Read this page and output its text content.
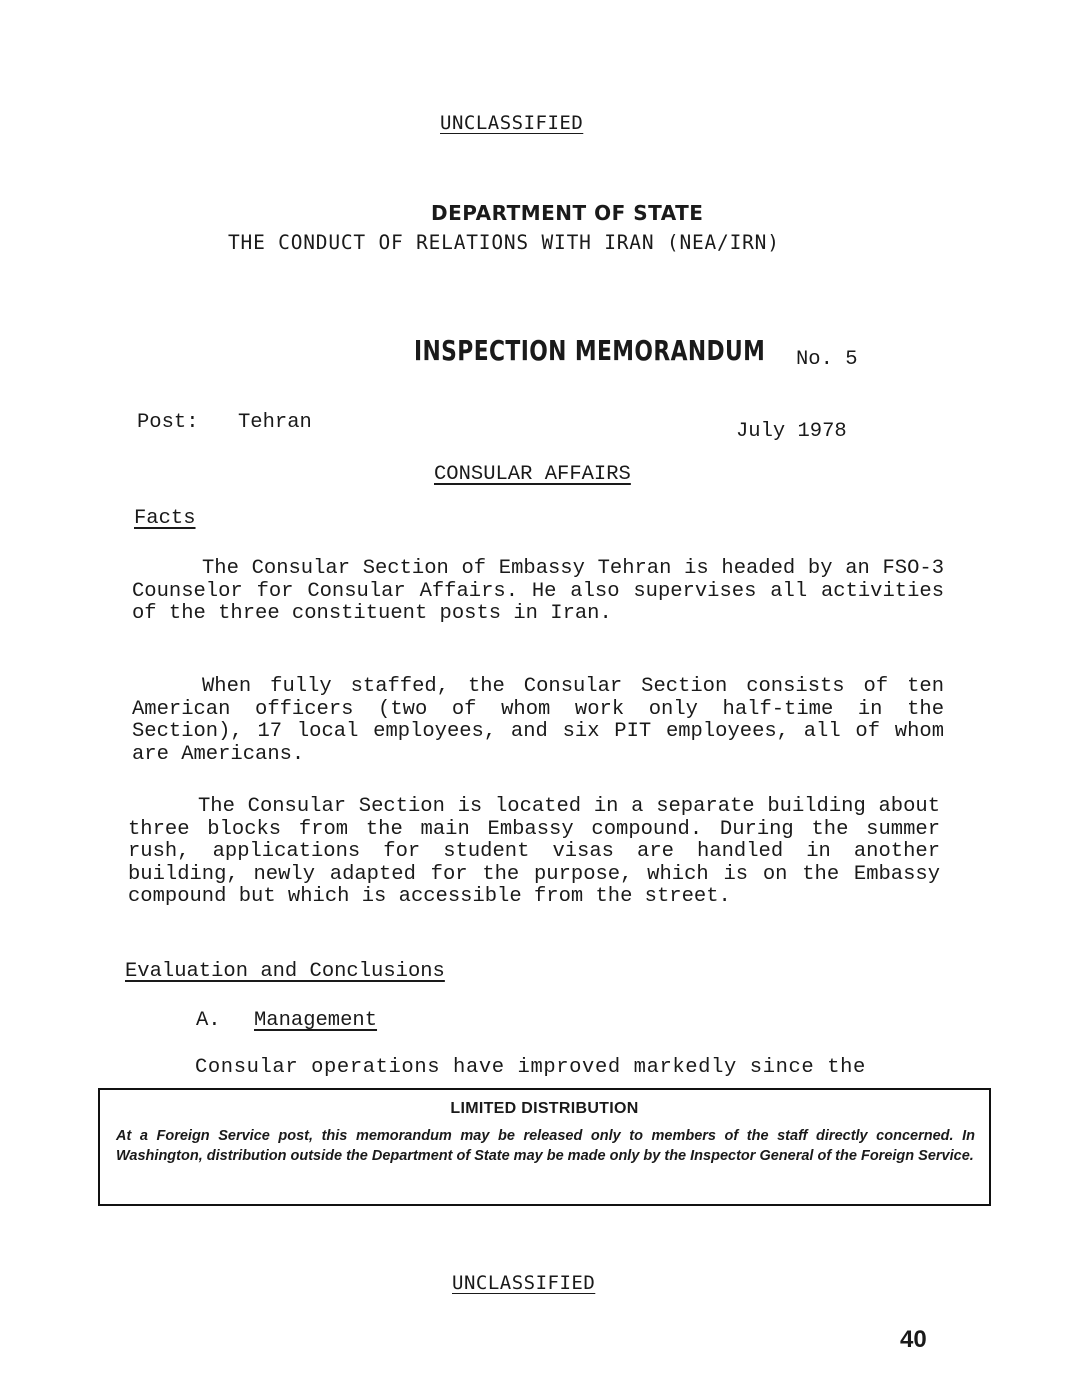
UNCLASSIFIED
DEPARTMENT OF STATE
THE CONDUCT OF RELATIONS WITH IRAN (NEA/IRN)
INSPECTION MEMORANDUM No. 5
Post: Tehran	July 1978
CONSULAR AFFAIRS
Facts

The Consular Section of Embassy Tehran is headed by an FSO-3 Counselor for Consular Affairs. He also supervises all activities of the three constituent posts in Iran.

When fully staffed, the Consular Section consists of ten American officers (two of whom work only half-time in the Section), 17 local employees, and six PIT employees, all of whom are Americans.

The Consular Section is located in a separate building about three blocks from the main Embassy compound. During the summer rush, applications for student visas are handled in another building, newly adapted for the purpose, which is on the Embassy compound but which is accessible from the street.

Evaluation and Conclusions
A. Management
Consular operations have improved markedly since the
LIMITED DISTRIBUTION
At a Foreign Service post, this memorandum may be released only to members of the staff directly concerned. In Washington, distribution outside the Department of State may be made only by the Inspector General of the Foreign Service.
UNCLASSIFIED
40
